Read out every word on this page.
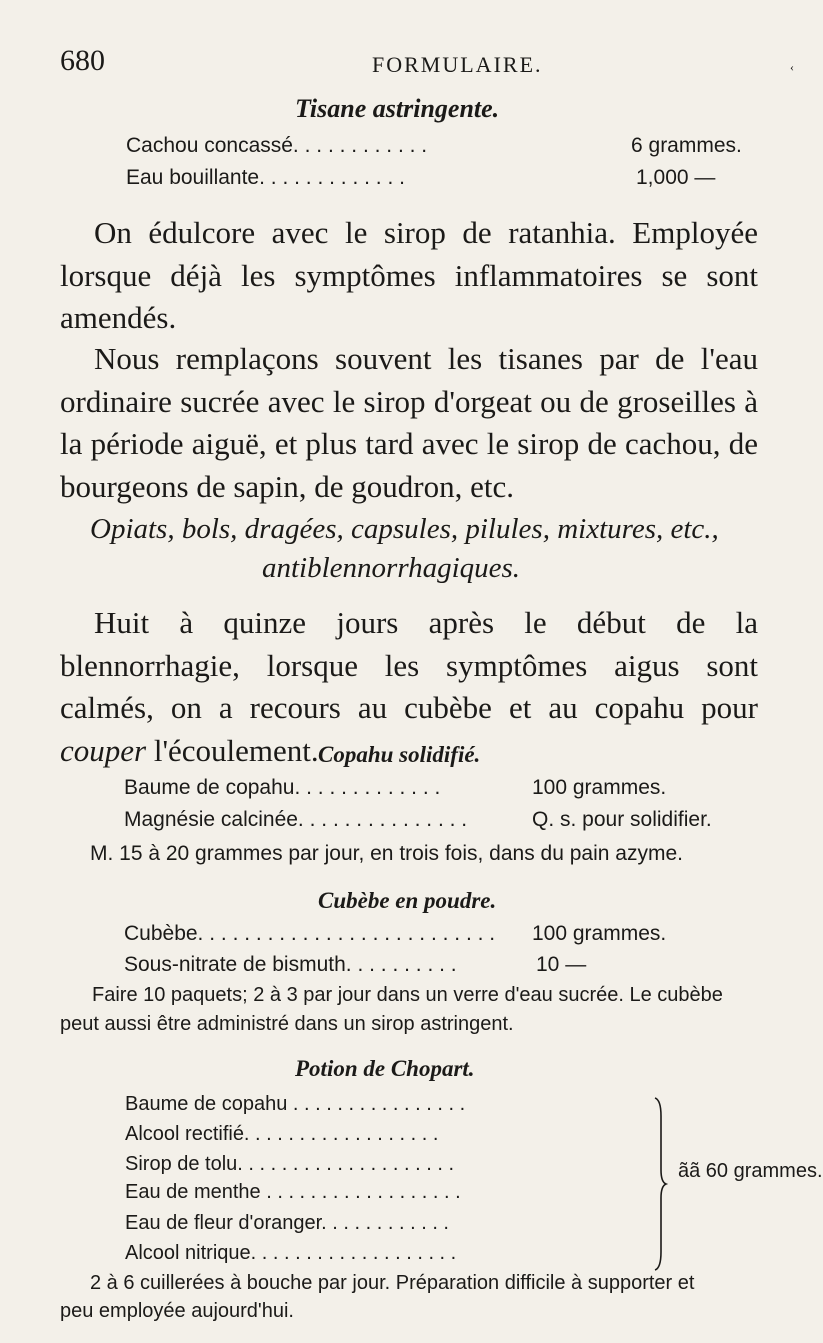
680	FORMULAIRE.	‹
Tisane astringente.
Cachou concassé. . . . . . . . . . . .	6 grammes.
Eau bouillante. . . . . . . . . . . . .	1,000 —

On édulcore avec le sirop de ratanhia. Employée lorsque déjà les symptômes inflammatoires se sont amendés.

Nous remplaçons souvent les tisanes par de l'eau ordinaire sucrée avec le sirop d'orgeat ou de groseilles à la période aiguë, et plus tard avec le sirop de cachou, de bourgeons de sapin, de goudron, etc.

Opiats, bols, dragées, capsules, pilules, mixtures, etc.,
antiblennorrhagiques.

Huit à quinze jours après le début de la blennorrhagie, lorsque les symptômes aigus sont calmés, on a recours au cubèbe et au copahu pour couper l'écoulement. Copahu solidifié.
Baume de copahu. . . . . . . . . . . . .	100 grammes.
Magnésie calcinée. . . . . . . . . . . . . . .	Q. s. pour solidifier.
M. 15 à 20 grammes par jour, en trois fois, dans du pain azyme.
Cubèbe en poudre.
Cubèbe. . . . . . . . . . . . . . . . . . . . . . . . . . 100 grammes.
Sous-nitrate de bismuth. . . . . . . . . .	10 —
Faire 10 paquets; 2 à 3 par jour dans un verre d'eau sucrée. Le cubèbe
peut aussi être administré dans un sirop astringent.
Potion de Chopart.
Baume de copahu . . . . . . . . . . . . . . . .
Alcool rectifié. . . . . . . . . . . . . . . . . .
Sirop de tolu. . . . . . . . . . . . . . . . . . . .
Eau de menthe . . . . . . . . . . . . . . . . . .
Eau de fleur d'oranger. . . . . . . . . . . .
Alcool nitrique. . . . . . . . . . . . . . . . . . .
ãã 60 grammes.
2 à 6 cuillerées à bouche par jour. Préparation difficile à supporter et
peu employée aujourd'hui.
